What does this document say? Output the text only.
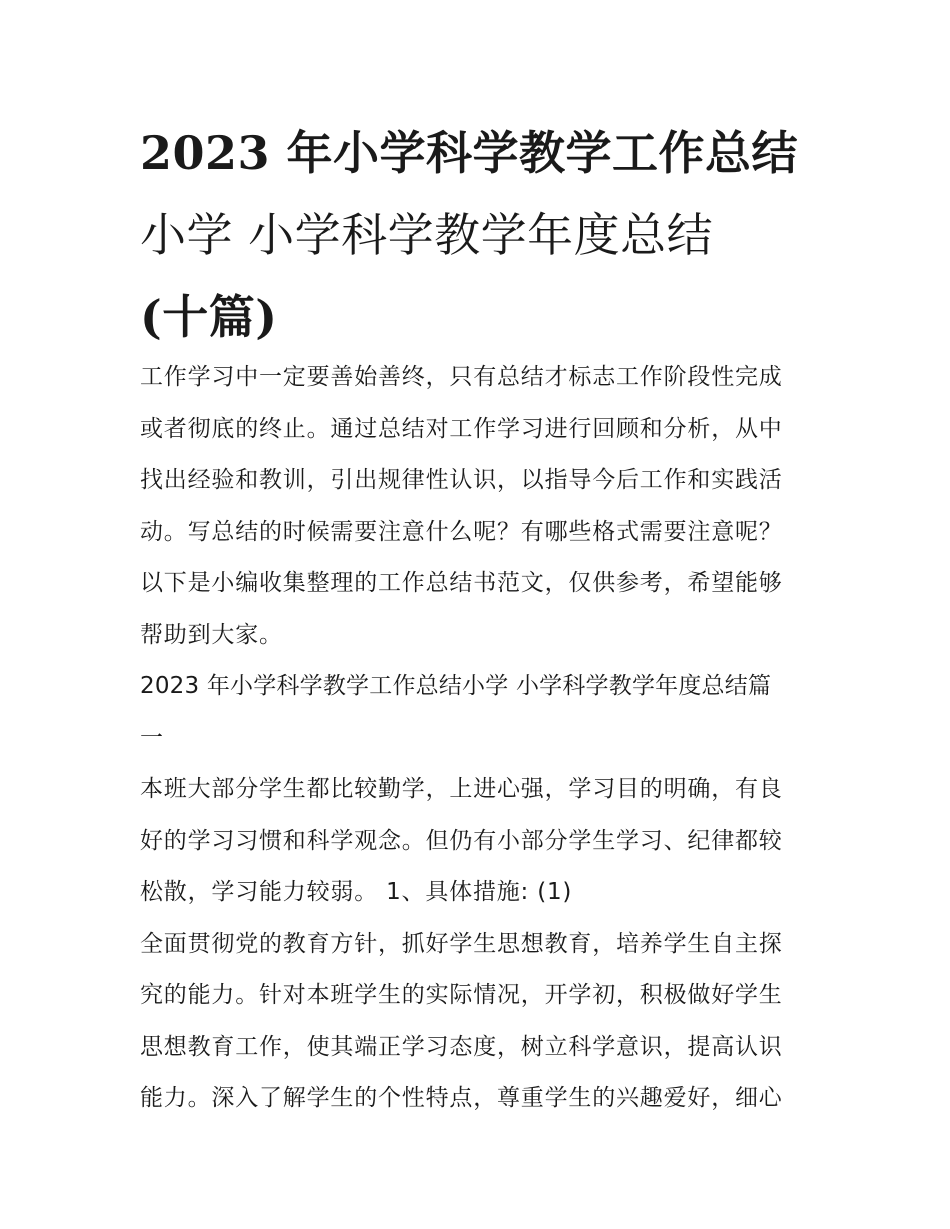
2023 年小学科学教学工作总结
小学 小学科学教学年度总结
(十篇)
工作学习中一定要善始善终，只有总结才标志工作阶段性完成
或者彻底的终止。通过总结对工作学习进行回顾和分析，从中
找出经验和教训，引出规律性认识，以指导今后工作和实践活
动。写总结的时候需要注意什么呢？有哪些格式需要注意呢？
以下是小编收集整理的工作总结书范文，仅供参考，希望能够
帮助到大家。
2023 年小学科学教学工作总结小学 小学科学教学年度总结篇
一
本班大部分学生都比较勤学，上进心强，学习目的明确，有良
好的学习习惯和科学观念。但仍有小部分学生学习、纪律都较
松散，学习能力较弱。 1、具体措施: (1)
全面贯彻党的教育方针，抓好学生思想教育，培养学生自主探
究的能力。针对本班学生的实际情况，开学初，积极做好学生
思想教育工作，使其端正学习态度，树立科学意识，提高认识
能力。深入了解学生的个性特点，尊重学生的兴趣爱好，细心
